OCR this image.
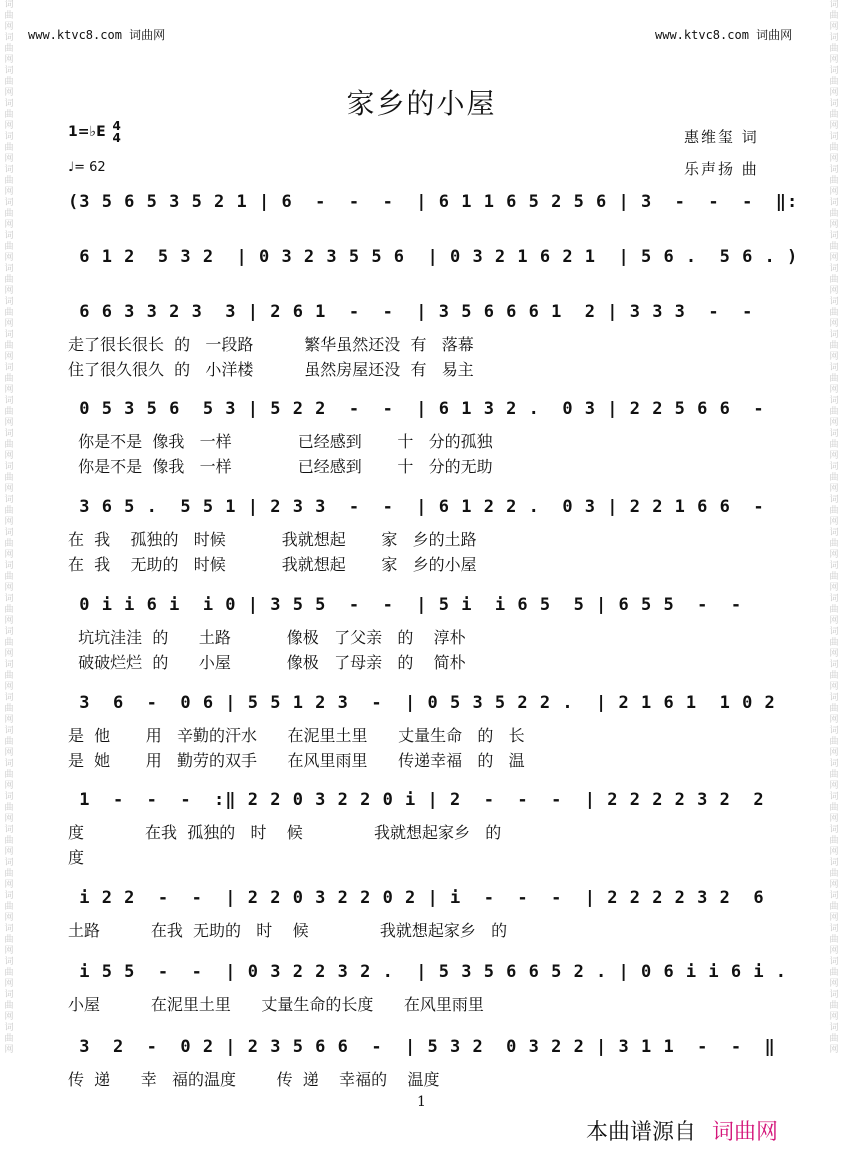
词曲网
词曲网
词曲网
词曲网
词曲网
词曲网
词曲网
词曲网
词曲网
词曲网
词曲网
词曲网
词曲网
词曲网
词曲网
词曲网
词曲网
词曲网
词曲网
词曲网
词曲网
词曲网
词曲网
词曲网
词曲网
词曲网
词曲网
词曲网
词曲网
词曲网
词曲网
词曲网
词曲网
词曲网
词曲网
词曲网
词曲网
词曲网
词曲网
词曲网
词曲网
词曲网
词曲网
词曲网
词曲网
词曲网
词曲网
词曲网
词曲网
词曲网
词曲网
词曲网
词曲网
词曲网
词曲网
词曲网
词曲网
词曲网
词曲网
词曲网
词曲网
词曲网
词曲网
词曲网
www.ktvc8.com 词曲网	www.ktvc8.com 词曲网
家乡的小屋
1=♭E 4
4
♩= 62
惠维玺 词
乐声扬 曲
(3 5 6 5 3 5 2 1 | 6  -  -  -  | 6 1 1 6 5 2 5 6 | 3  -  -  -  ‖:
6 1 2  5 3 2  | 0 3 2 3 5 5 6  | 0 3 2 1 6 2 1  | 5 6 .  5 6 . )
6 6 3 3 2 3  3 | 2 6 1  -  -  | 3 5 6 6 6 1  2 | 3 3 3  -  -
走了很长很长  的   一段路          繁华虽然还没  有   落幕
住了很久很久  的   小洋楼          虽然房屋还没  有   易主
0 5 3 5 6  5 3 | 5 2 2  -  -  | 6 1 3 2 .  0 3 | 2 2 5 6 6  -
你是不是  像我   一样             已经感到       十   分的孤独
你是不是  像我   一样             已经感到       十   分的无助
3 6 5 .  5 5 1 | 2 3 3  -  -  | 6 1 2 2 .  0 3 | 2 2 1 6 6  -
在  我    孤独的   时候           我就想起       家   乡的土路
在  我    无助的   时候           我就想起       家   乡的小屋
0 i i 6 i  i 0 | 3 5 5  -  -  | 5 i  i 6 5  5 | 6 5 5  -  -
坑坑洼洼  的      土路           像极   了父亲   的    淳朴
破破烂烂  的      小屋           像极   了母亲   的    简朴
3  6  -  0 6 | 5 5 1 2 3  -  | 0 5 3 5 2 2 .  | 2 1 6 1  1 0 2
是  他       用   辛勤的汗水      在泥里土里      丈量生命   的   长
是  她       用   勤劳的双手      在风里雨里      传递幸福   的   温
1  -  -  -  :‖ 2 2 0 3 2 2 0 i | 2  -  -  -  | 2 2 2 2 3 2  2
度            在我  孤独的   时    候              我就想起家乡   的
度
i 2 2  -  -  | 2 2 0 3 2 2 0 2 | i  -  -  -  | 2 2 2 2 3 2  6
土路          在我  无助的   时    候              我就想起家乡   的
i 5 5  -  -  | 0 3 2 2 3 2 .  | 5 3 5 6 6 5 2 . | 0 6 i i 6 i .
小屋          在泥里土里      丈量生命的长度      在风里雨里
3  2  -  0 2 | 2 3 5 6 6  -  | 5 3 2  0 3 2 2 | 3 1 1  -  -  ‖
传  递      幸   福的温度        传  递    幸福的    温度
1
本曲谱源自 词曲网
